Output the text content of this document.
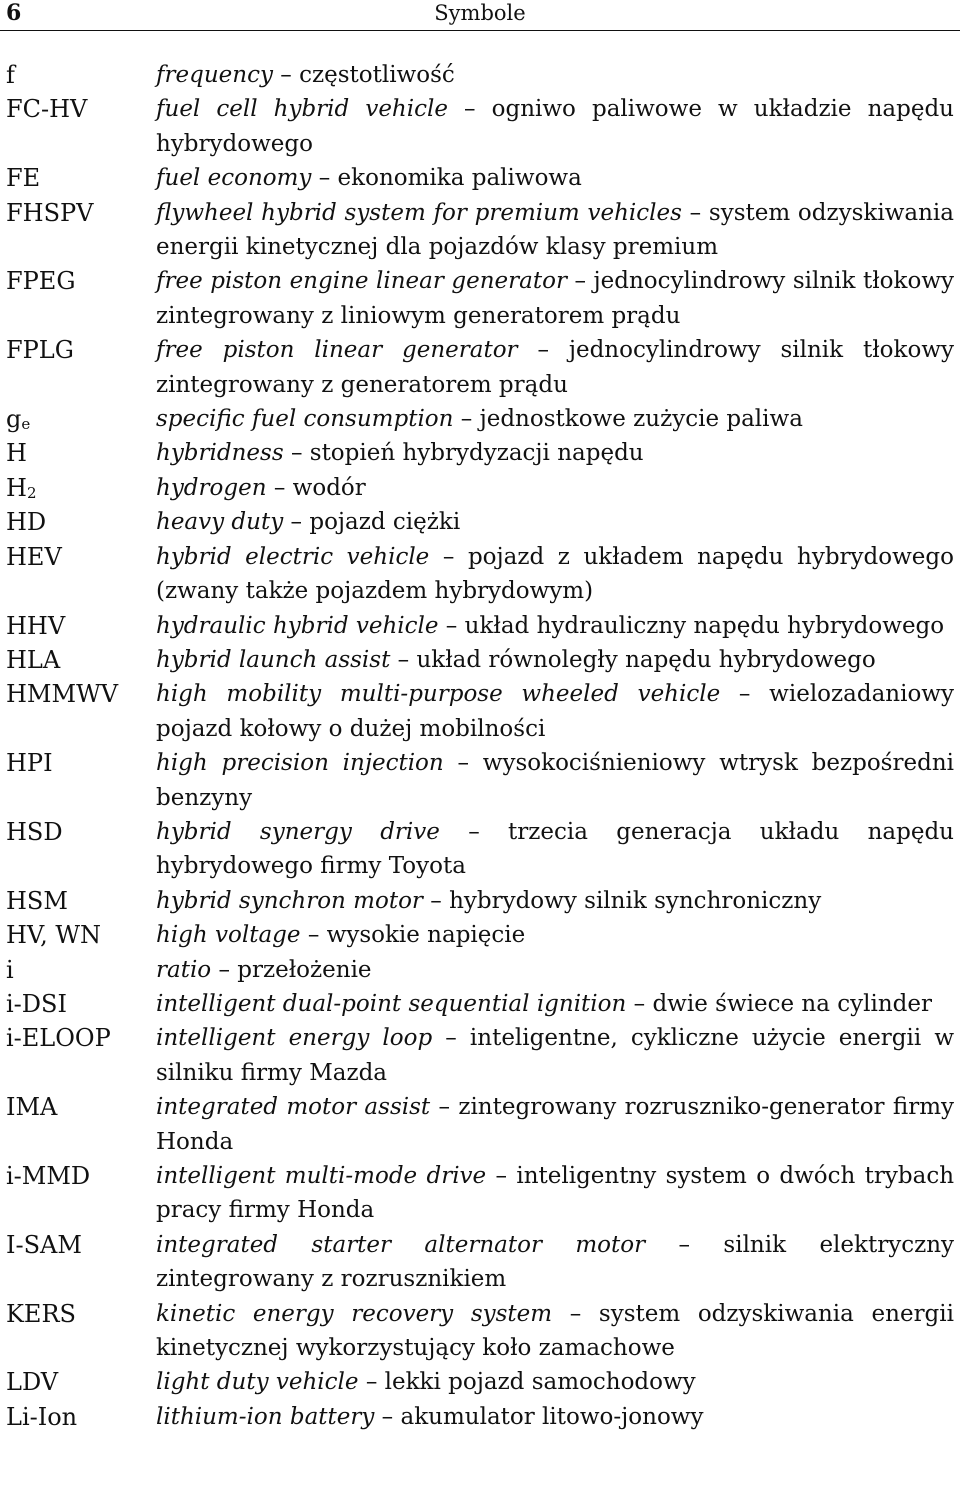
6	Symbole
f	frequency – częstotliwość
FC-HV	fuel cell hybrid vehicle – ogniwo paliwowe w układzie napędu hybrydowego
FE	fuel economy – ekonomika paliwowa
FHSPV	flywheel hybrid system for premium vehicles – system odzyskiwania energii kinetycznej dla pojazdów klasy premium
FPEG	free piston engine linear generator – jednocylindrowy silnik tłokowy zintegrowany z liniowym generatorem prądu
FPLG	free piston linear generator – jednocylindrowy silnik tłokowy zintegrowany z generatorem prądu
$g_e$	specific fuel consumption – jednostkowe zużycie paliwa
H	hybridness – stopień hybrydyzacji napędu
$H_2$	hydrogen – wodór
HD	heavy duty – pojazd ciężki
HEV	hybrid electric vehicle – pojazd z układem napędu hybrydowego (zwany także pojazdem hybrydowym)
HHV	hydraulic hybrid vehicle – układ hydrauliczny napędu hybrydowego
HLA	hybrid launch assist – układ równoległy napędu hybrydowego
HMMWV	high mobility multi-purpose wheeled vehicle – wielozadaniowy pojazd kołowy o dużej mobilności
HPI	high precision injection – wysokociśnieniowy wtrysk bezpośredni benzyny
HSD	hybrid synergy drive – trzecia generacja układu napędu hybrydowego firmy Toyota
HSM	hybrid synchron motor – hybrydowy silnik synchroniczny
HV, WN	high voltage – wysokie napięcie
i	ratio – przełożenie
i-DSI	intelligent dual-point sequential ignition – dwie świece na cylinder
i-ELOOP	intelligent energy loop – inteligentne, cykliczne użycie energii w silniku firmy Mazda
IMA	integrated motor assist – zintegrowany rozruszniko-generator firmy Honda
i-MMD	intelligent multi-mode drive – inteligentny system o dwóch trybach pracy firmy Honda
I-SAM	integrated starter alternator motor – silnik elektryczny zintegrowany z rozrusznikiem
KERS	kinetic energy recovery system – system odzyskiwania energii kinetycznej wykorzystujący koło zamachowe
LDV	light duty vehicle – lekki pojazd samochodowy
Li-Ion	lithium-ion battery – akumulator litowo-jonowy
